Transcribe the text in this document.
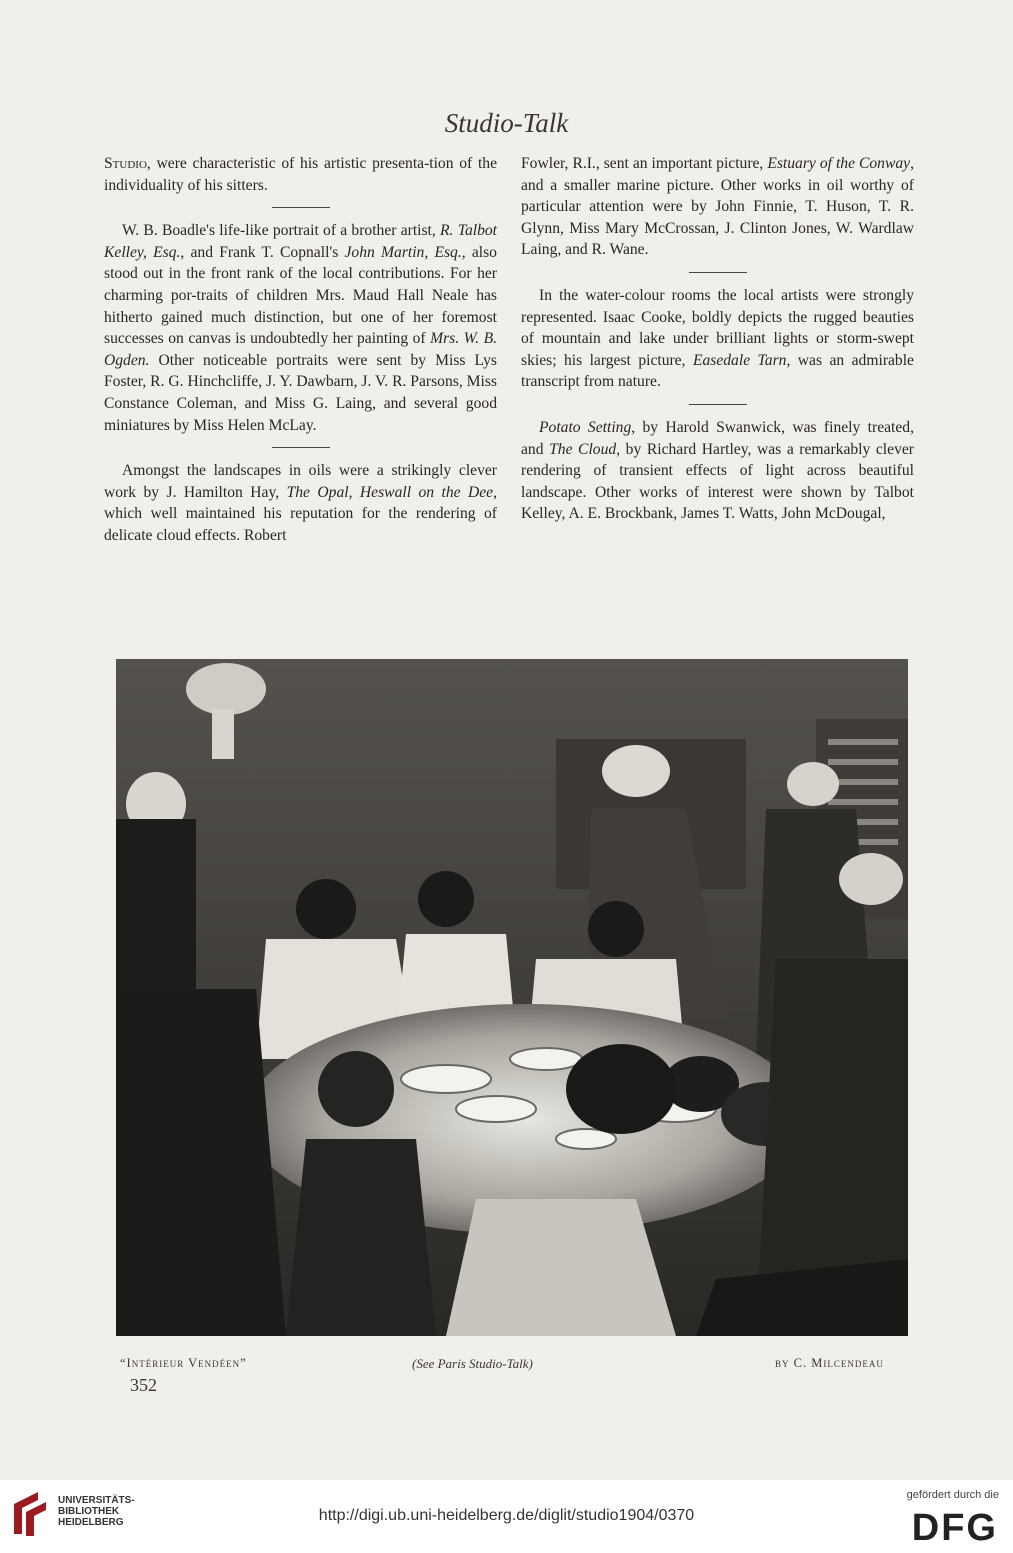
Studio-Talk

Studio, were characteristic of his artistic presenta-tion of the individuality of his sitters.

W. B. Boadle's life-like portrait of a brother artist, R. Talbot Kelley, Esq., and Frank T. Copnall's John Martin, Esq., also stood out in the front rank of the local contributions. For her charming por-traits of children Mrs. Maud Hall Neale has hitherto gained much distinction, but one of her foremost successes on canvas is undoubtedly her painting of Mrs. W. B. Ogden. Other noticeable portraits were sent by Miss Lys Foster, R. G. Hinchcliffe, J. Y. Dawbarn, J. V. R. Parsons, Miss Constance Coleman, and Miss G. Laing, and several good miniatures by Miss Helen McLay.

Amongst the landscapes in oils were a strikingly clever work by J. Hamilton Hay, The Opal, Heswall on the Dee, which well maintained his reputation for the rendering of delicate cloud effects. Robert

Fowler, R.I., sent an important picture, Estuary of the Conway, and a smaller marine picture. Other works in oil worthy of particular attention were by John Finnie, T. Huson, T. R. Glynn, Miss Mary McCrossan, J. Clinton Jones, W. Wardlaw Laing, and R. Wane.

In the water-colour rooms the local artists were strongly represented. Isaac Cooke, boldly depicts the rugged beauties of mountain and lake under brilliant lights or storm-swept skies; his largest picture, Easedale Tarn, was an admirable transcript from nature.

Potato Setting, by Harold Swanwick, was finely treated, and The Cloud, by Richard Hartley, was a remarkably clever rendering of transient effects of light across beautiful landscape. Other works of interest were shown by Talbot Kelley, A. E. Brockbank, James T. Watts, John McDougal,

“Intérieur Vendéen”	(See Paris Studio-Talk)	by C. Milcendeau
352
UNIVERSITÄTS-
BIBLIOTHEK
HEIDELBERG	http://digi.ub.uni-heidelberg.de/diglit/studio1904/0370
gefördert durch die
DFG
